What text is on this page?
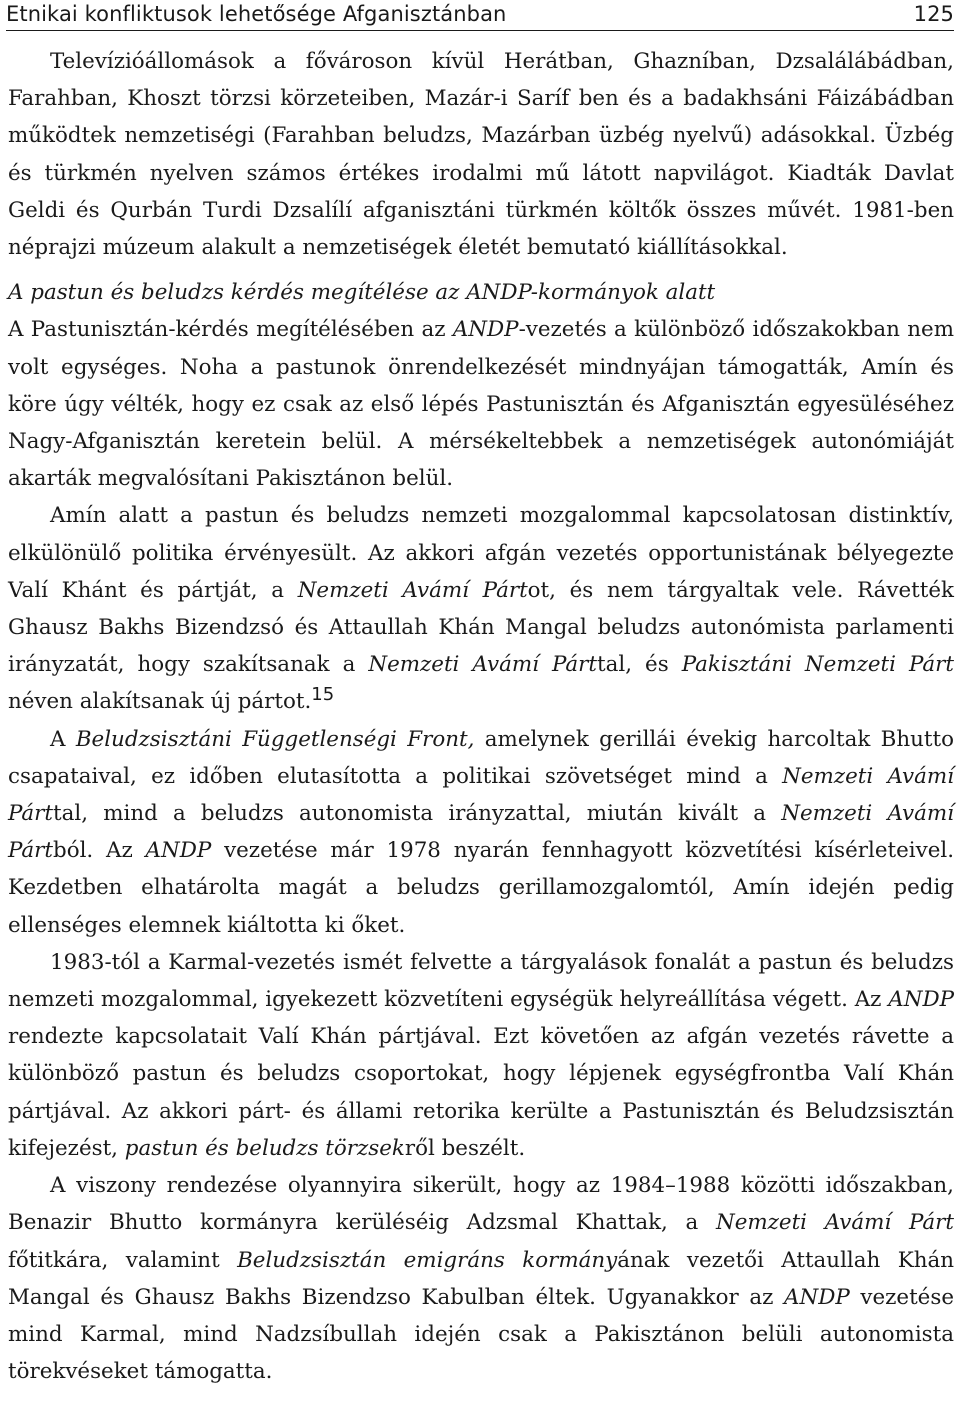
Etnikai konfliktusok lehetősége Afganisztánban	125

Televízióállomások a fővároson kívül Herátban, Ghazníban, Dzsalálábádban, Farahban, Khoszt törzsi körzeteiben, Mazár-i Saríf ben és a badakhsáni Fáizábádban működtek nemzetiségi (Farahban beludzs, Mazárban üzbég nyelvű) adásokkal. Üzbég és türkmén nyelven számos értékes irodalmi mű látott napvilágot. Kiadták Davlat Geldi és Qurbán Turdi Dzsalílí afganisztáni türkmén költők összes művét. 1981-ben néprajzi múzeum alakult a nemzetiségek életét bemutató kiállításokkal.

A pastun és beludzs kérdés megítélése az ANDP-kormányok alatt

A Pastunisztán-kérdés megítélésében az ANDP-vezetés a különböző időszakokban nem volt egységes. Noha a pastunok önrendelkezését mindnyájan támogatták, Amín és köre úgy vélték, hogy ez csak az első lépés Pastunisztán és Afganisztán egyesüléséhez Nagy-Afganisztán keretein belül. A mérsékeltebbek a nemzetiségek autonómiáját akarták megvalósítani Pakisztánon belül.

Amín alatt a pastun és beludzs nemzeti mozgalommal kapcsolatosan distinktív, elkülönülő politika érvényesült. Az akkori afgán vezetés opportunistának bélyegezte Valí Khánt és pártját, a Nemzeti Avámí Pártot, és nem tárgyaltak vele. Rávették Ghausz Bakhs Bizendzsó és Attaullah Khán Mangal beludzs autonómista parlamenti irányzatát, hogy szakítsanak a Nemzeti Avámí Párttal, és Pakisztáni Nemzeti Párt néven alakítsanak új pártot.$^{15}$

A Beludzsisztáni Függetlenségi Front, amelynek gerillái évekig harcoltak Bhutto csapataival, ez időben elutasította a politikai szövetséget mind a Nemzeti Avámí Párttal, mind a beludzs autonomista irányzattal, miután kivált a Nemzeti Avámí Pártból. Az ANDP vezetése már 1978 nyarán fennhagyott közvetítési kísérleteivel. Kezdetben elhatárolta magát a beludzs gerillamozgalomtól, Amín idején pedig ellenséges elemnek kiáltotta ki őket.

1983-tól a Karmal-vezetés ismét felvette a tárgyalások fonalát a pastun és beludzs nemzeti mozgalommal, igyekezett közvetíteni egységük helyreállítása végett. Az ANDP rendezte kapcsolatait Valí Khán pártjával. Ezt követően az afgán vezetés rávette a különböző pastun és beludzs csoportokat, hogy lépjenek egységfrontba Valí Khán pártjával. Az akkori párt- és állami retorika kerülte a Pastunisztán és Beludzsisztán kifejezést, pastun és beludzs törzsekről beszélt.

A viszony rendezése olyannyira sikerült, hogy az 1984–1988 közötti időszakban, Benazir Bhutto kormányra kerüléséig Adzsmal Khattak, a Nemzeti Avámí Párt főtitkára, valamint Beludzsisztán emigráns kormányának vezetői Attaullah Khán Mangal és Ghausz Bakhs Bizendzso Kabulban éltek. Ugyanakkor az ANDP vezetése mind Karmal, mind Nadzsíbullah idején csak a Pakisztánon belüli autonomista törekvéseket támogatta.
